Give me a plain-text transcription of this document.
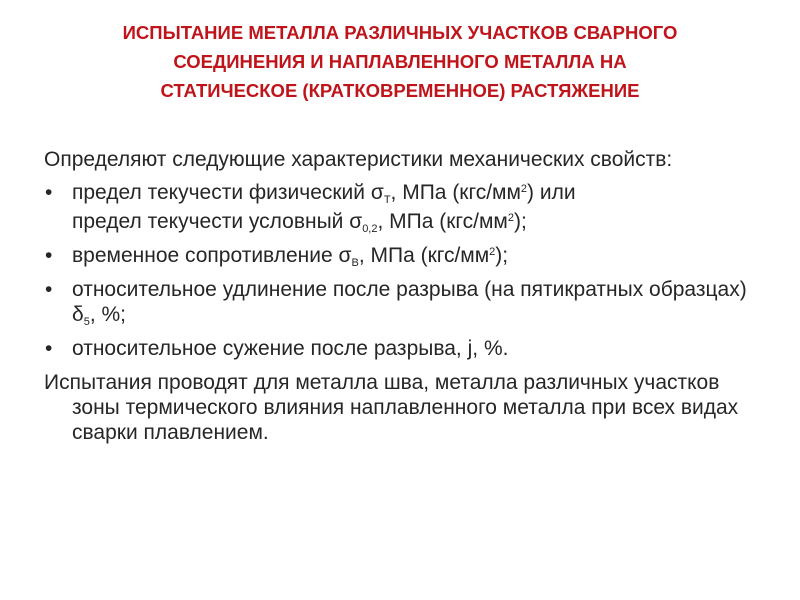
ИСПЫТАНИЕ МЕТАЛЛА РАЗЛИЧНЫХ УЧАСТКОВ СВАРНОГО
СОЕДИНЕНИЯ И НАПЛАВЛЕННОГО МЕТАЛЛА НА
СТАТИЧЕСКОЕ (КРАТКОВРЕМЕННОЕ) РАСТЯЖЕНИЕ

Определяют следующие характеристики механических свойств:

• предел текучести физический $\sigma_Т$, МПа $(кгс/мм^2)$ или
предел текучести условный $\sigma_{0,2}$, МПа $(кгс/мм^2)$;
• временное сопротивление $\sigma_В$, МПа $(кгс/мм^2)$;
• относительное удлинение после разрыва (на пятикратных образцах) $\delta_5$, %;
• относительное сужение после разрыва, j, %.

Испытания проводят для металла шва, металла различных участков зоны термического влияния наплавленного металла при всех видах сварки плавлением.
